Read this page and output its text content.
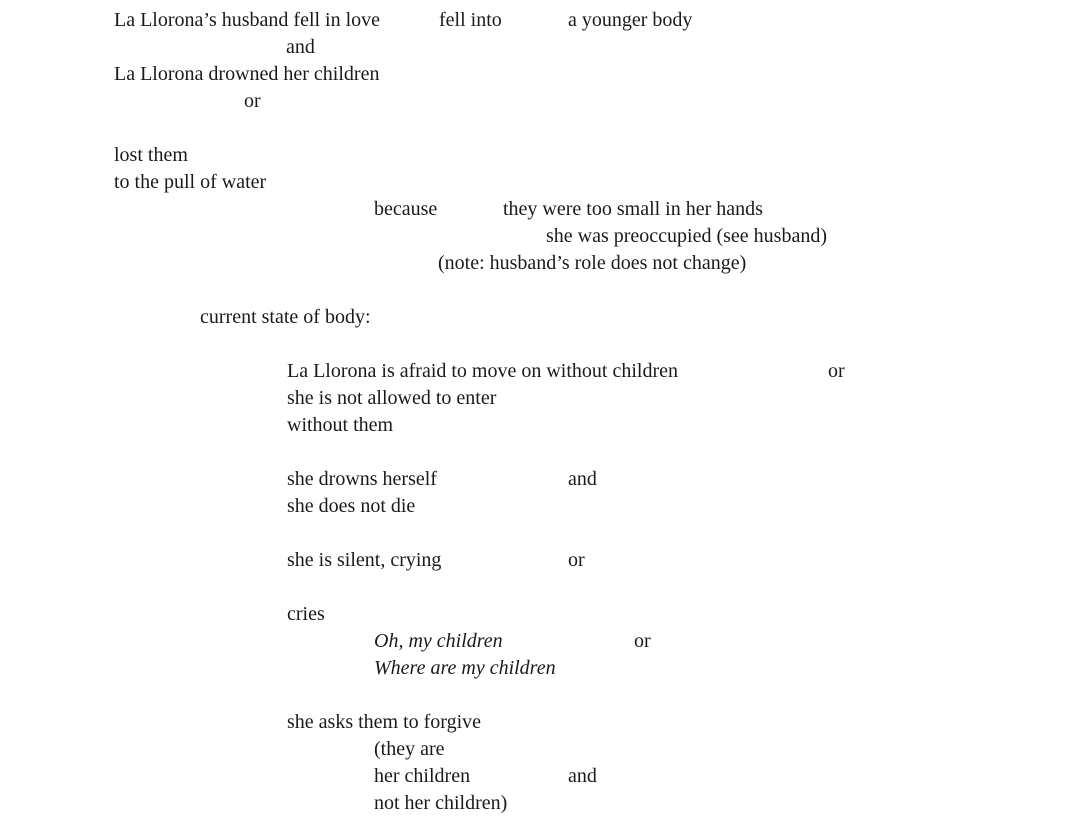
La Llorona’s husband fell in love	fell into	a younger body
and
La Llorona drowned her children
or
lost them
to the pull of water
because	they were too small in her hands
she was preoccupied (see husband)
(note: husband’s role does not change)
current state of body:
La Llorona is afraid to move on without children	or
she is not allowed to enter
without them
she drowns herself	and
she does not die
she is silent, crying	or
cries
Oh, my children	or
Where are my children
she asks them to forgive
(they are
her children	and
not her children)
